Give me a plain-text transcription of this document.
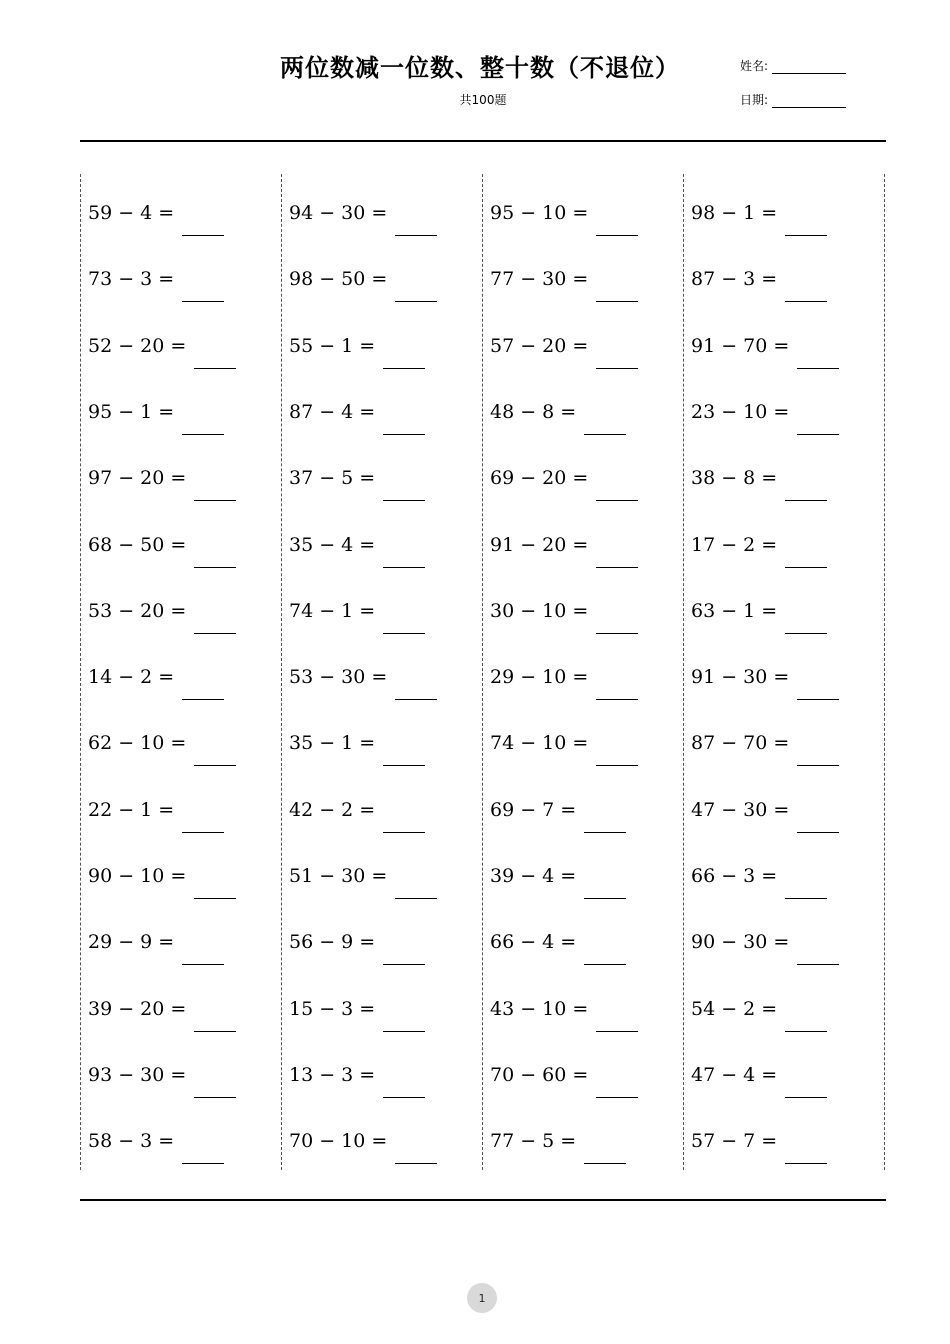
两位数减一位数、整十数（不退位）
共100题
姓名:
日期:
59 − 4 =
73 − 3 =
52 − 20 =
95 − 1 =
97 − 20 =
68 − 50 =
53 − 20 =
14 − 2 =
62 − 10 =
22 − 1 =
90 − 10 =
29 − 9 =
39 − 20 =
93 − 30 =
58 − 3 =
94 − 30 =
98 − 50 =
55 − 1 =
87 − 4 =
37 − 5 =
35 − 4 =
74 − 1 =
53 − 30 =
35 − 1 =
42 − 2 =
51 − 30 =
56 − 9 =
15 − 3 =
13 − 3 =
70 − 10 =
95 − 10 =
77 − 30 =
57 − 20 =
48 − 8 =
69 − 20 =
91 − 20 =
30 − 10 =
29 − 10 =
74 − 10 =
69 − 7 =
39 − 4 =
66 − 4 =
43 − 10 =
70 − 60 =
77 − 5 =
98 − 1 =
87 − 3 =
91 − 70 =
23 − 10 =
38 − 8 =
17 − 2 =
63 − 1 =
91 − 30 =
87 − 70 =
47 − 30 =
66 − 3 =
90 − 30 =
54 − 2 =
47 − 4 =
57 − 7 =
1
